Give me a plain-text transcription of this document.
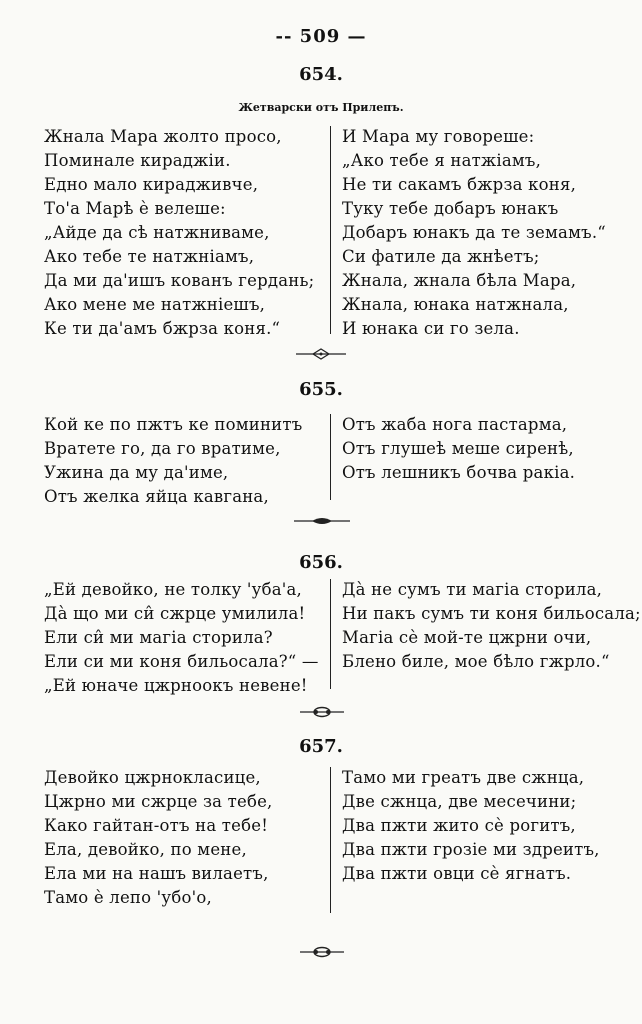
-- 509 —
654.
Жетварски отъ Прилепъ.
Жнала Мара жолто просо,
Поминале кираджіи.
Едно мало кирадживче,
То'а Марѣ ѐ велеше:
„Айде да сѣ натжниваме,
Ако тебе те натжніамъ,
Да ми да'ишъ кованъ гердань;
Ако мене ме натжніешъ,
Ке ти да'амъ бжрза коня.“
И Мара му говореше:
„Ако тебе я натжіамъ,
Не ти сакамъ бжрза коня,
Туку тебе добаръ юнакъ
Добаръ юнакъ да те земамъ.“
Си фатиле да жнѣетъ;
Жнала, жнала бѣла Мара,
Жнала, юнака натжнала,
И юнака си го зела.
655.
Кой ке по пжтъ ке поминитъ
Вратете го, да го вратиме,
Ужина да му да'име,
Отъ желка яйца кавгана,
Отъ жаба нога пастарма,
Отъ глушеѣ меше сиренѣ,
Отъ лешникъ бочва ракіа.
656.
„Ей девойко, не толку 'уба'а,
Дà що ми си̂ сжрце умилила!
Ели си̂ ми магіа сторила?
Ели си ми коня бильосала?“ —
„Ей юначе цжрноокъ невене!
Дà не сумъ ти магіа сторила,
Ни пакъ сумъ ти коня бильосала;
Магіа сѐ мой-те цжрни очи,
Блено биле, мое бѣло гжрло.“
657.
Девойко цжрнокласице,
Цжрно ми сжрце за тебе,
Како гайтан-отъ на тебе!
Ела, девойко, по мене,
Ела ми на нашъ вилаетъ,
Тамо ѐ лепо 'убо'о,
Тамо ми греатъ две сжнца,
Две сжнца, две месечини;
Два пжти жито сѐ рогитъ,
Два пжти грозіе ми здреитъ,
Два пжти овци сѐ ягнатъ.
